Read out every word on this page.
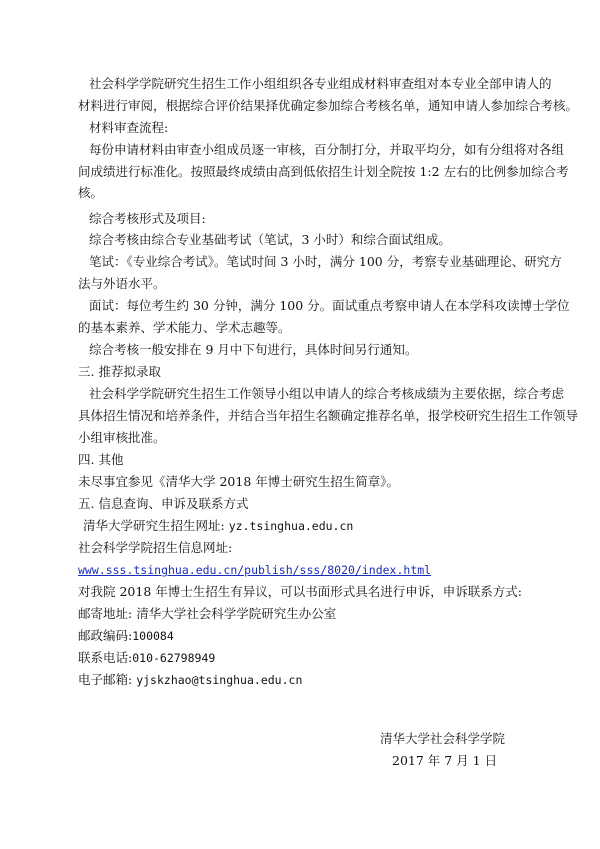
社会科学学院研究生招生工作小组组织各专业组成材料审查组对本专业全部申请人的
材料进行审阅，根据综合评价结果择优确定参加综合考核名单，通知申请人参加综合考核。
材料审查流程:
每份申请材料由审查小组成员逐一审核，百分制打分，并取平均分，如有分组将对各组
间成绩进行标准化。按照最终成绩由高到低依招生计划全院按 1:2 左右的比例参加综合考
核。
综合考核形式及项目:
综合考核由综合专业基础考试（笔试，3 小时）和综合面试组成。
笔试：《专业综合考试》。笔试时间 3 小时，满分 100 分，考察专业基础理论、研究方
法与外语水平。
面试：每位考生约 30 分钟，满分 100 分。面试重点考察申请人在本学科攻读博士学位
的基本素养、学术能力、学术志趣等。
综合考核一般安排在 9 月中下旬进行，具体时间另行通知。
三. 推荐拟录取
社会科学学院研究生招生工作领导小组以申请人的综合考核成绩为主要依据，综合考虑
具体招生情况和培养条件，并结合当年招生名额确定推荐名单，报学校研究生招生工作领导
小组审核批准。
四. 其他
未尽事宜参见《清华大学 2018 年博士研究生招生简章》。
五. 信息查询、申诉及联系方式
清华大学研究生招生网址: yz.tsinghua.edu.cn
社会科学学院招生信息网址:
www.sss.tsinghua.edu.cn/publish/sss/8020/index.html
对我院 2018 年博士生招生有异议，可以书面形式具名进行申诉，申诉联系方式:
邮寄地址: 清华大学社会科学学院研究生办公室
邮政编码:100084
联系电话:010-62798949
电子邮箱: yjskzhao@tsinghua.edu.cn
清华大学社会科学学院
2017 年 7 月 1 日
